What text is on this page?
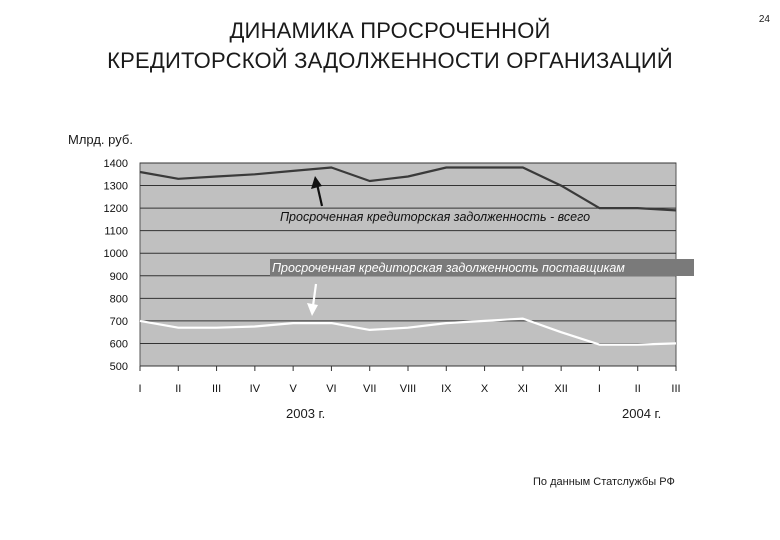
24
ДИНАМИКА ПРОСРОЧЕННОЙ
КРЕДИТОРСКОЙ ЗАДОЛЖЕННОСТИ ОРГАНИЗАЦИЙ
Млрд. руб.
1400
1300
1200
1100
1000
900
800
700
600
500
I	II	III	IV	V	VI VII VIII IX	X	XI XII	I	II	III
Просроченная кредиторская задолженность - всего
Просроченная кредиторская задолженность поставщикам
2003 г.	2004 г.
По данным Статслужбы РФ
